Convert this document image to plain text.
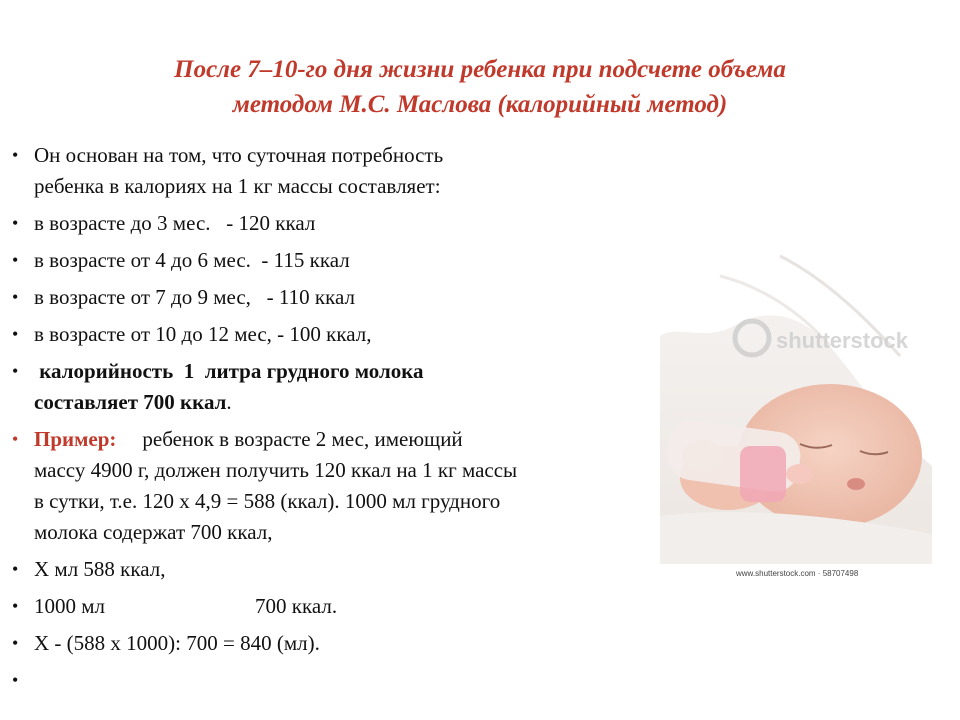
После 7–10-го дня жизни ребенка при подсчете объема
методом М.С. Маслова (калорийный метод)
• Он основан на том, что суточная потребность
ребенка в калориях на 1 кг массы составляет:
• в возрасте до 3 мес.   - 120 ккал
• в возрасте от 4 до 6 мес.  - 115 ккал
• в возрасте от 7 до 9 мес,   - 110 ккал
• в возрасте от 10 до 12 мес, - 100 ккал,
• калорийность  1  литра грудного молока
составляет 700 ккал.
• Пример: ребенок в возрасте 2 мес, имеющий
массу 4900 г, должен получить 120 ккал на 1 кг массы
в сутки, т.е. 120 х 4,9 = 588 (ккал). 1000 мл грудного
молока содержат 700 ккал,
• Х мл 588 ккал,
• 1000 мл	700 ккал.
• Х - (588 х 1000): 700 = 840 (мл).
•
shutterstock
www.shutterstock.com · 58707498
